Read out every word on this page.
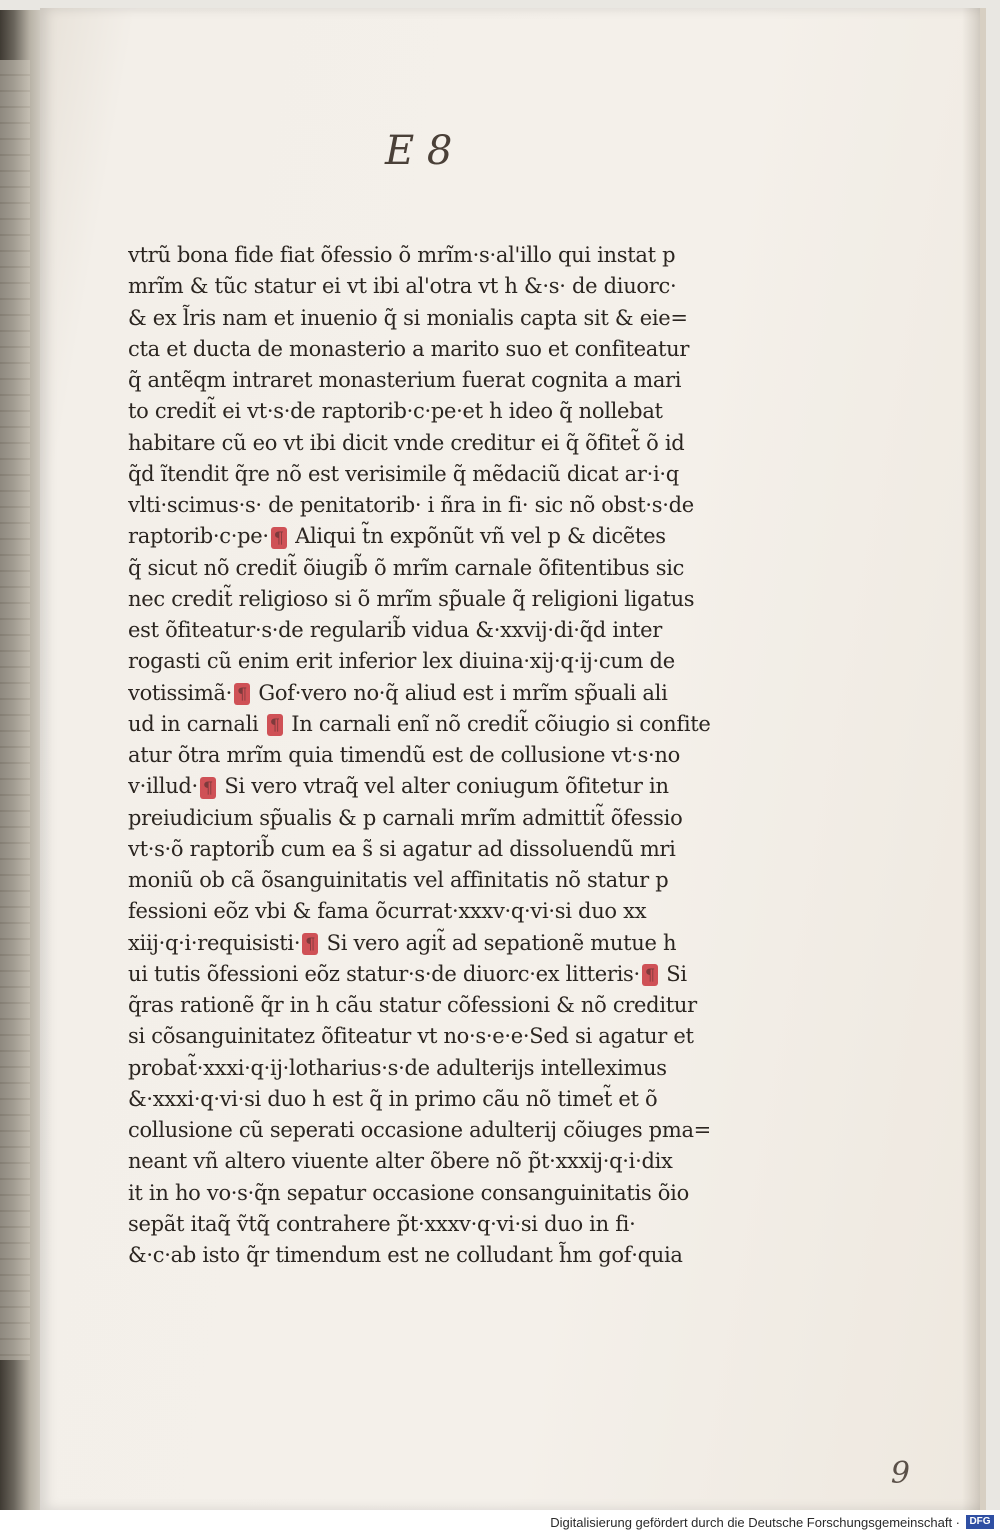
E 8
vtrũ bona fide fiat õfessio õ mrĩm·s·al'illo qui instat p
mrĩm & tũc statur ei vt ibi al'otra vt h &·s· de diuorc·
& ex l̃ris nam et inuenio q̃ si monialis capta sit & eie=
cta et ducta de monasterio a marito suo et confiteatur
q̃ antẽqm intraret monasterium fuerat cognita a mari
to credit̃ ei vt·s·de raptorib·c·pe·et h ideo q̃ nollebat
habitare cũ eo vt ibi dicit vnde creditur ei q̃ õfitet̃ õ id
q̃d ĩtendit q̃re nõ est verisimile q̃ mẽdaciũ dicat ar·i·q
vlti·scimus·s· de penitatorib· i ñra in fi· sic nõ obst·s·de
raptorib·c·pe· ¶ Aliqui t̃n expõnũt vñ vel p & dicẽtes
q̃ sicut nõ credit̃ õiugib̃ õ mrĩm carnale õfitentibus sic
nec credit̃ religioso si õ mrĩm sp̃uale q̃ religioni ligatus
est õfiteatur·s·de regularib̃ vidua &·xxvij·di·q̃d inter
rogasti cũ enim erit inferior lex diuina·xij·q·ij·cum de
votissimã· ¶ Gof·vero no·q̃ aliud est i mrĩm sp̃uali ali
ud in carnali ¶ In carnali enĩ nõ credit̃ cõiugio si confite
atur õtra mrĩm quia timendũ est de collusione vt·s·no
v·illud· ¶ Si vero vtraq̃ vel alter coniugum õfitetur in
preiudicium sp̃ualis & p carnali mrĩm admittit̃ õfessio
vt·s·õ raptorib̃ cum ea s̃ si agatur ad dissoluendũ mri
moniũ ob cã õsanguinitatis vel affinitatis nõ statur p
fessioni eõz vbi & fama õcurrat·xxxv·q·vi·si duo xx
xiij·q·i·requisisti· ¶ Si vero agit̃ ad sepationẽ mutue h
ui tutis õfessioni eõz statur·s·de diuorc·ex litteris· ¶ Si
q̃ras rationẽ q̃r in h cãu statur cõfessioni & nõ creditur
si cõsanguinitatez õfiteatur vt no·s·e·e·Sed si agatur et
probat̃·xxxi·q·ij·lotharius·s·de adulterijs intelleximus
&·xxxi·q·vi·si duo h est q̃ in primo cãu nõ timet̃ et õ
collusione cũ seperati occasione adulterij cõiuges pma=
neant vñ altero viuente alter õbere nõ p̃t·xxxij·q·i·dix
it in ho vo·s·q̃n sepatur occasione consanguinitatis õio
sepãt itaq̃ ṽtq̃ contrahere p̃t·xxxv·q·vi·si duo in fi·
&·c·ab isto q̃r timendum est ne colludant h̃m gof·quia
9
Digitalisierung gefördert durch die Deutsche Forschungsgemeinschaft · DFG
